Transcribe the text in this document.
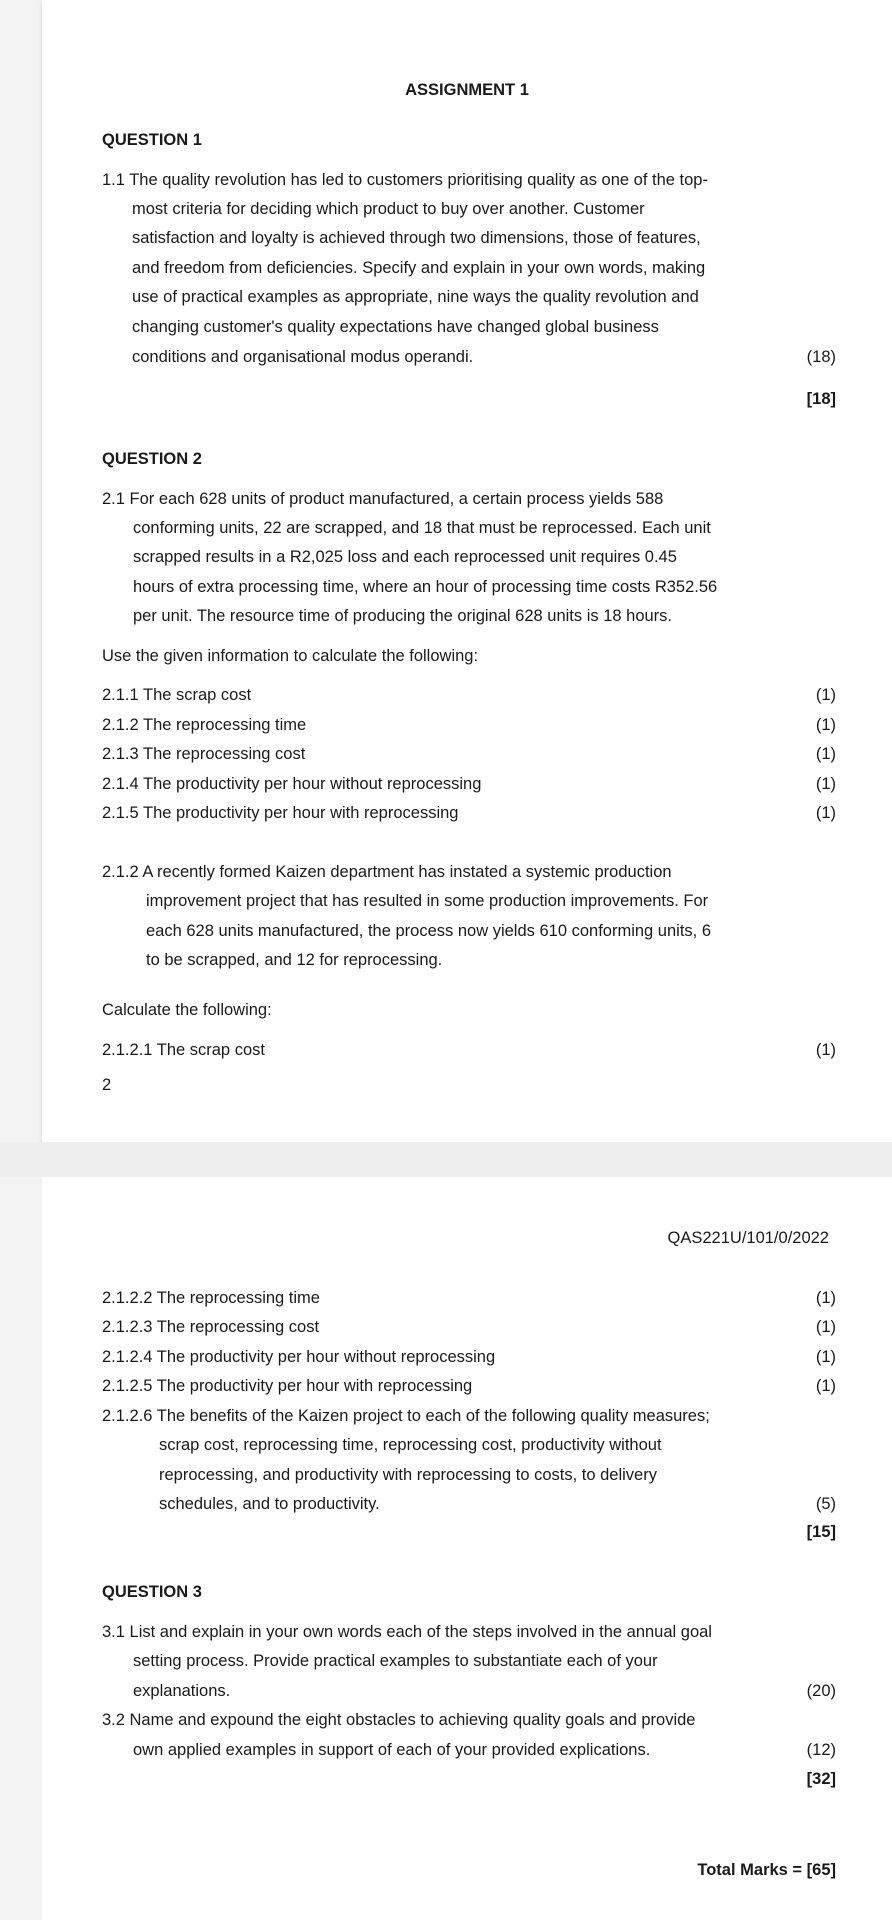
ASSIGNMENT 1
QUESTION 1
1.1 The quality revolution has led to customers prioritising quality as one of the top-
most criteria for deciding which product to buy over another. Customer
satisfaction and loyalty is achieved through two dimensions, those of features,
and freedom from deficiencies. Specify and explain in your own words, making
use of practical examples as appropriate, nine ways the quality revolution and
changing customer's quality expectations have changed global business
conditions and organisational modus operandi.	(18)
[18]
QUESTION 2
2.1 For each 628 units of product manufactured, a certain process yields 588
conforming units, 22 are scrapped, and 18 that must be reprocessed. Each unit
scrapped results in a R2,025 loss and each reprocessed unit requires 0.45
hours of extra processing time, where an hour of processing time costs R352.56
per unit. The resource time of producing the original 628 units is 18 hours.
Use the given information to calculate the following:
2.1.1 The scrap cost	(1)
2.1.2 The reprocessing time	(1)
2.1.3 The reprocessing cost	(1)
2.1.4 The productivity per hour without reprocessing	(1)
2.1.5 The productivity per hour with reprocessing	(1)
2.1.2 A recently formed Kaizen department has instated a systemic production
improvement project that has resulted in some production improvements. For
each 628 units manufactured, the process now yields 610 conforming units, 6
to be scrapped, and 12 for reprocessing.
Calculate the following:
2.1.2.1 The scrap cost	(1)
2
QAS221U/101/0/2022
2.1.2.2 The reprocessing time	(1)
2.1.2.3 The reprocessing cost	(1)
2.1.2.4 The productivity per hour without reprocessing	(1)
2.1.2.5 The productivity per hour with reprocessing	(1)
2.1.2.6 The benefits of the Kaizen project to each of the following quality measures;
scrap cost, reprocessing time, reprocessing cost, productivity without
reprocessing, and productivity with reprocessing to costs, to delivery
schedules, and to productivity.	(5)
[15]
QUESTION 3
3.1 List and explain in your own words each of the steps involved in the annual goal
setting process. Provide practical examples to substantiate each of your
explanations.	(20)
3.2 Name and expound the eight obstacles to achieving quality goals and provide
own applied examples in support of each of your provided explications.	(12)
[32]
Total Marks = [65]
